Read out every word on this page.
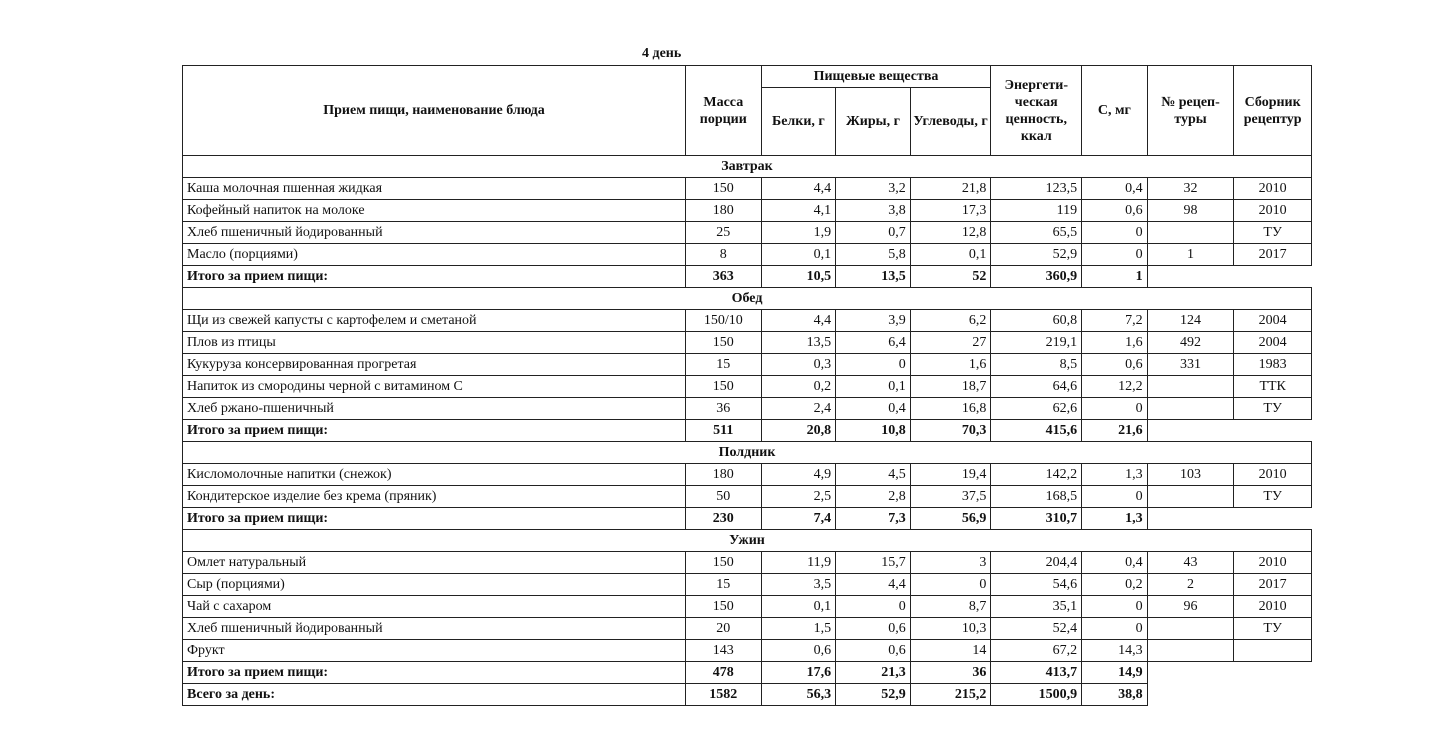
4 день
Прием пищи, наименование блюда	Масса порции	Пищевые вещества			Энергети-ческая ценность, ккал	С, мг	№ рецеп-туры	Сборник рецептур
		Белки, г	Жиры, г	Углеводы, г				
Завтрак								
Каша молочная пшенная жидкая	150	4,4	3,2	21,8	123,5	0,4	32	2010
Кофейный напиток на молоке	180	4,1	3,8	17,3	119	0,6	98	2010
Хлеб пшеничный йодированный	25	1,9	0,7	12,8	65,5	0		ТУ
Масло (порциями)	8	0,1	5,8	0,1	52,9	0	1	2017
Итого за прием пищи:	363	10,5	13,5	52	360,9	1		
Обед								
Щи из свежей капусты с картофелем и сметаной	150/10	4,4	3,9	6,2	60,8	7,2	124	2004
Плов из птицы	150	13,5	6,4	27	219,1	1,6	492	2004
Кукуруза консервированная прогретая	15	0,3	0	1,6	8,5	0,6	331	1983
Напиток из смородины черной с витамином С	150	0,2	0,1	18,7	64,6	12,2		ТТК
Хлеб ржано-пшеничный	36	2,4	0,4	16,8	62,6	0		ТУ
Итого за прием пищи:	511	20,8	10,8	70,3	415,6	21,6		
Полдник								
Кисломолочные напитки (снежок)	180	4,9	4,5	19,4	142,2	1,3	103	2010
Кондитерское изделие без крема (пряник)	50	2,5	2,8	37,5	168,5	0		ТУ
Итого за прием пищи:	230	7,4	7,3	56,9	310,7	1,3		
Ужин								
Омлет натуральный	150	11,9	15,7	3	204,4	0,4	43	2010
Сыр (порциями)	15	3,5	4,4	0	54,6	0,2	2	2017
Чай с сахаром	150	0,1	0	8,7	35,1	0	96	2010
Хлеб пшеничный йодированный	20	1,5	0,6	10,3	52,4	0		ТУ
Фрукт	143	0,6	0,6	14	67,2	14,3		
Итого за прием пищи:	478	17,6	21,3	36	413,7	14,9		
Всего за день:	1582	56,3	52,9	215,2	1500,9	38,8		
